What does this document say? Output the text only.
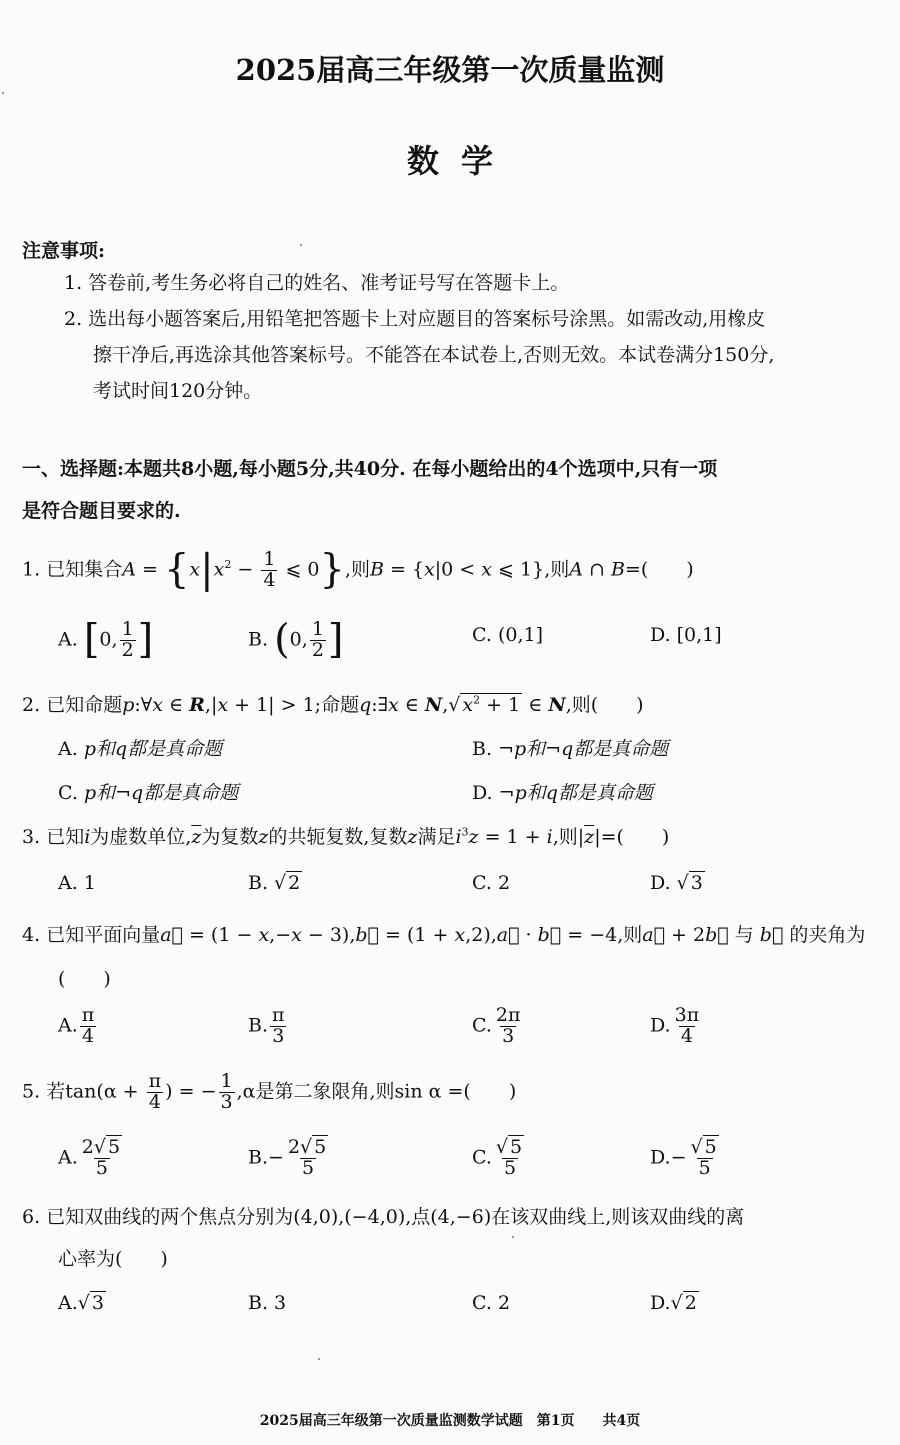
2025届高三年级第一次质量监测
数学
注意事项:
1. 答卷前,考生务必将自己的姓名、准考证号写在答题卡上。
2. 选出每小题答案后,用铅笔把答题卡上对应题目的答案标号涂黑。如需改动,用橡皮
擦干净后,再选涂其他答案标号。不能答在本试卷上,否则无效。本试卷满分150分,
考试时间120分钟。
一、选择题:本题共8小题,每小题5分,共40分. 在每小题给出的4个选项中,只有一项
是符合题目要求的.
1. 已知集合$A = \{x|x^2 - \frac{1}{4}$ ⩽ 0},则B = {x|0 < x ⩽ 1},则A ∩ B=(　　)
A. [0, $\frac{1}{2}$ ]	B. (0, $\frac{1}{2}$ ]	C. (0,1]	D. [0,1]
2. 已知命题p:∀x ∈ R,|x + 1| > 1;命题q:∃x ∈ N,√ $x^2 + 1$ ∈ N,则(　　)
A. p和q都是真命题	B. ¬p和¬q都是真命题
C. p和¬q都是真命题	D. ¬p和q都是真命题
3. 已知i为虚数单位$,\overline{z}$为复数z的共轭复数,复数z满足$i^3z = 1 + i$,则$|\overline{z}|=$(　　)
A. 1	B. √ 2	C. 2	D. √ 3
4. 已知平面向量a⃗ = (1 − x,−x − 3),b⃗ = (1 + x,2),a⃗ · b⃗ = −4,则a⃗ + 2b⃗ 与 b⃗ 的夹角为
(　　)
A. $\frac{\pi}{4}$	B. $\frac{\pi}{3}$	C. $\frac{2\pi}{3}$	D. $\frac{3\pi}{4}$
5. 若$\tan(\alpha + \frac{\pi}{4}$ ) = − $\frac{1}{3} ,\alpha$是第二象限角,则sin α =(　　)
A. $\frac{2√ 5}{5}$	$B.- \frac{2√ 5}{5}$	C. $\frac{√ 5}{5}$	$D.- \frac{√ 5}{5}$
6. 已知双曲线的两个焦点分别为(4,0),(−4,0),点(4,−6)在该双曲线上,则该双曲线的离
心率为(　　)
A.√ 3	B. 3	C. 2	D.√ 2
2025届高三年级第一次质量监测数学试题　第1页　　共4页
